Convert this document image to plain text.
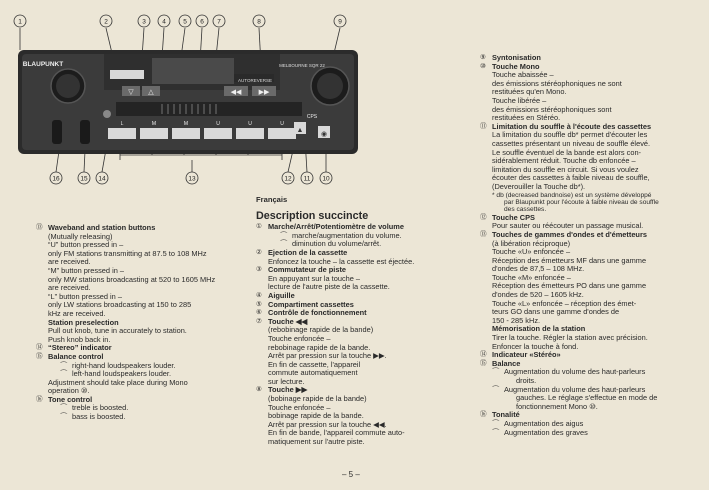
▽ △	◀◀ ▶▶
▲
◉
BLAUPUNKT	MELBOURNE SQR 22
AUTOREVERSE
CPS
L	M	M	U	U	U
1	2	3	4	5 6 7	8	9
16	15 14	13	12 11 10
⑬ Waveband and station buttons
(Mutually releasing)
“U” button pressed in –
only FM stations transmitting at 87.5 to 108 MHz
are received.
“M” button pressed in –
only MW stations broadcasting at 520 to 1605 MHz
are received.
“L” button pressed in –
only LW stations broadcasting at 150 to 285
kHz are received.
Station preselection
Pull out knob, tune in accurately to station.
Push knob back in.
⑭ “Stereo” indicator
⑮ Balance control
⌒ right-hand loudspeakers louder.
⌒ left-hand loudspeakers louder.
Adjustment should take place during Mono
operation ⑩.
⑯ Tone control
⌒ treble is boosted.
⌒ bass is boosted.
Français
Description succincte
① Marche/Arrêt/Potentiomètre de volume
⌒ marche/augmentation du volume.
⌒ diminution du volume/arrêt.
② Ejection de la cassette
Enfoncez la touche – la cassette est éjectée.
③ Commutateur de piste
En appuyant sur la touche –
lecture de l'autre piste de la cassette.
④ Aiguille
⑤ Compartiment cassettes
⑥ Contrôle de fonctionnement
⑦ Touche ◀◀
(rebobinage rapide de la bande)
Touche enfoncée –
rebobinage rapide de la bande.
Arrêt par pression sur la touche ▶▶.
En fin de cassette, l'appareil
commute automatiquement
sur lecture.
⑧ Touche ▶▶
(bobinage rapide de la bande)
Touche enfoncée –
bobinage rapide de la bande.
Arrêt par pression sur la touche ◀◀.
En fin de bande, l'appareil commute auto-
matiquement sur l'autre piste.
⑨ Syntonisation
⑩ Touche Mono
Touche abaissée –
des émissions stéréophoniques ne sont
restituées qu'en Mono.
Touche libérée –
des émissions stéréophoniques sont
restituées en Stéréo.
⑪ Limitation du souffle à l'écoute des cassettes
La limitation du souffle db* permet d'écouter les
cassettes présentant un niveau de souffle élevé.
Le souffle éventuel de la bande est alors con-
sidérablement réduit. Touche db enfoncée –
limitation du souffle en circuit. Si vous voulez
écouter des cassettes à faible niveau de souffle,
(Deverouiller la Touche db*).
* db (decreased bandnoise) est un système développé
par Blaupunkt pour l'écoute à faible niveau de souffle
des cassettes.
⑫ Touche CPS
Pour sauter ou réécouter un passage musical.
⑬ Touches de gammes d'ondes et d'émetteurs
(à libération réciproque)
Touche «U» enfoncée –
Réception des émetteurs MF dans une gamme
d'ondes de 87,5 – 108 MHz.
Touche «M» enfoncée –
Réception des émetteurs PO dans une gamme
d'ondes de 520 – 1605 kHz.
Touche «L» enfoncée – réception des émet-
teurs GO dans une gamme d'ondes de
150 - 285 kHz.
Mémorisation de la station
Tirer la touche. Régler la station avec précision.
Enfoncer la touche à fond.
⑭ Indicateur «Stéréo»
⑮ Balance
⌒ Augmentation du volume des haut-parleurs
droits.
⌒ Augmentation du volume des haut-parleurs
gauches. Le réglage s'effectue en mode de
fonctionnement Mono ⑩.
⑯ Tonalité
⌒ Augmentation des aigus
⌒ Augmentation des graves
– 5 –
